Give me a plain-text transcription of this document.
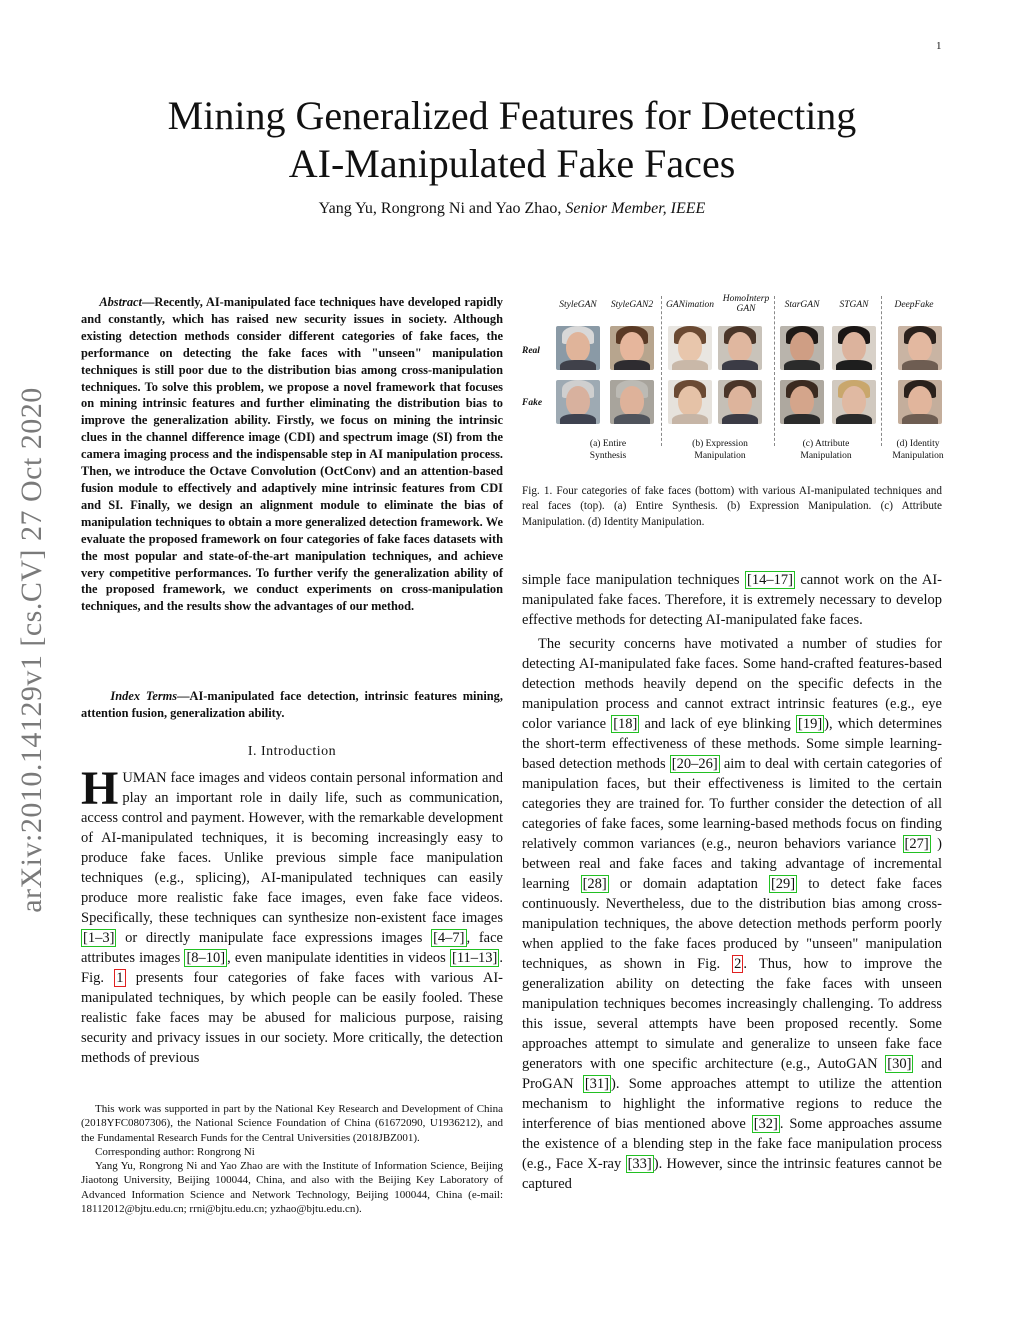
1
arXiv:2010.14129v1 [cs.CV] 27 Oct 2020
Mining Generalized Features for Detecting
AI-Manipulated Fake Faces
Yang Yu, Rongrong Ni and Yao Zhao, Senior Member, IEEE
Abstract—Recently, AI-manipulated face techniques have developed rapidly and constantly, which has raised new security issues in society. Although existing detection methods consider different categories of fake faces, the performance on detecting the fake faces with "unseen" manipulation techniques is still poor due to the distribution bias among cross-manipulation techniques. To solve this problem, we propose a novel framework that focuses on mining intrinsic features and further eliminating the distribution bias to improve the generalization ability. Firstly, we focus on mining the intrinsic clues in the channel difference image (CDI) and spectrum image (SI) from the camera imaging process and the indispensable step in AI manipulation process. Then, we introduce the Octave Convolution (OctConv) and an attention-based fusion module to effectively and adaptively mine intrinsic features from CDI and SI. Finally, we design an alignment module to eliminate the bias of manipulation techniques to obtain a more generalized detection framework. We evaluate the proposed framework on four categories of fake faces datasets with the most popular and state-of-the-art manipulation techniques, and achieve very competitive performances. To further verify the generalization ability of the proposed framework, we conduct experiments on cross-manipulation techniques, and the results show the advantages of our method.
Index Terms—AI-manipulated face detection, intrinsic features mining, attention fusion, generalization ability.
I. Introduction
HUMAN face images and videos contain personal information and play an important role in daily life, such as communication, access control and payment. However, with the remarkable development of AI-manipulated techniques, it is becoming increasingly easy to produce fake faces. Unlike previous simple face manipulation techniques (e.g., splicing), AI-manipulated techniques can easily produce more realistic fake face images, even fake face videos. Specifically, these techniques can synthesize non-existent face images [1–3] or directly manipulate face expressions images [4–7] , face attributes images [8–10] , even manipulate identities in videos [11–13] . Fig. 1 presents four categories of fake faces with various AI-manipulated techniques, by which people can be easily fooled. These realistic fake faces may be abused for malicious purpose, raising security and privacy issues in our society. More critically, the detection methods of previous

This work was supported in part by the National Key Research and Development of China (2018YFC0807306), the National Science Foundation of China (61672090, U1936212), and the Fundamental Research Funds for the Central Universities (2018JBZ001).

Corresponding author: Rongrong Ni

Yang Yu, Rongrong Ni and Yao Zhao are with the Institute of Information Science, Beijing Jiaotong University, Beijing 100044, China, and also with the Beijing Key Laboratory of Advanced Information Science and Network Technology, Beijing 100044, China (e-mail: 18112012@bjtu.edu.cn; rrni@bjtu.edu.cn; yzhao@bjtu.edu.cn).

StyleGAN	StyleGAN2	GANimation
HomoInterp GAN	StarGAN	STGAN	DeepFake
Real
Fake
(a) Entire Synthesis
(b) Expression Manipulation
(c) Attribute Manipulation
(d) Identity Manipulation
Fig. 1. Four categories of fake faces (bottom) with various AI-manipulated techniques and real faces (top). (a) Entire Synthesis. (b) Expression Manipulation. (c) Attribute Manipulation. (d) Identity Manipulation.

simple face manipulation techniques [14–17] cannot work on the AI-manipulated fake faces. Therefore, it is extremely necessary to develop effective methods for detecting AI-manipulated fake faces.

The security concerns have motivated a number of studies for detecting AI-manipulated fake faces. Some hand-crafted features-based detection methods heavily depend on the specific defects in the manipulation process and cannot extract intrinsic features (e.g., eye color variance [18] and lack of eye blinking [19] ), which determines the short-term effectiveness of these methods. Some simple learning-based detection methods [20–26] aim to deal with certain categories of manipulation faces, but their effectiveness is limited to the certain categories they are trained for. To further consider the detection of all categories of fake faces, some learning-based methods focus on finding relatively common variances (e.g., neuron behaviors variance [27] ) between real and fake faces and taking advantage of incremental learning [28] or domain adaptation [29] to detect fake faces continuously. Nevertheless, due to the distribution bias among cross-manipulation techniques, the above detection methods perform poorly when applied to the fake faces produced by "unseen" manipulation techniques, as shown in Fig. 2 . Thus, how to improve the generalization ability on detecting the fake faces with unseen manipulation techniques becomes increasingly challenging. To address this issue, several attempts have been proposed recently. Some approaches attempt to simulate and generalize to unseen fake face generators with one specific architecture (e.g., AutoGAN [30] and ProGAN [31] ). Some approaches attempt to utilize the attention mechanism to highlight the informative regions to reduce the interference of bias mentioned above [32] . Some approaches assume the existence of a blending step in the fake face manipulation process (e.g., Face X-ray [33] ). However, since the intrinsic features cannot be captured
